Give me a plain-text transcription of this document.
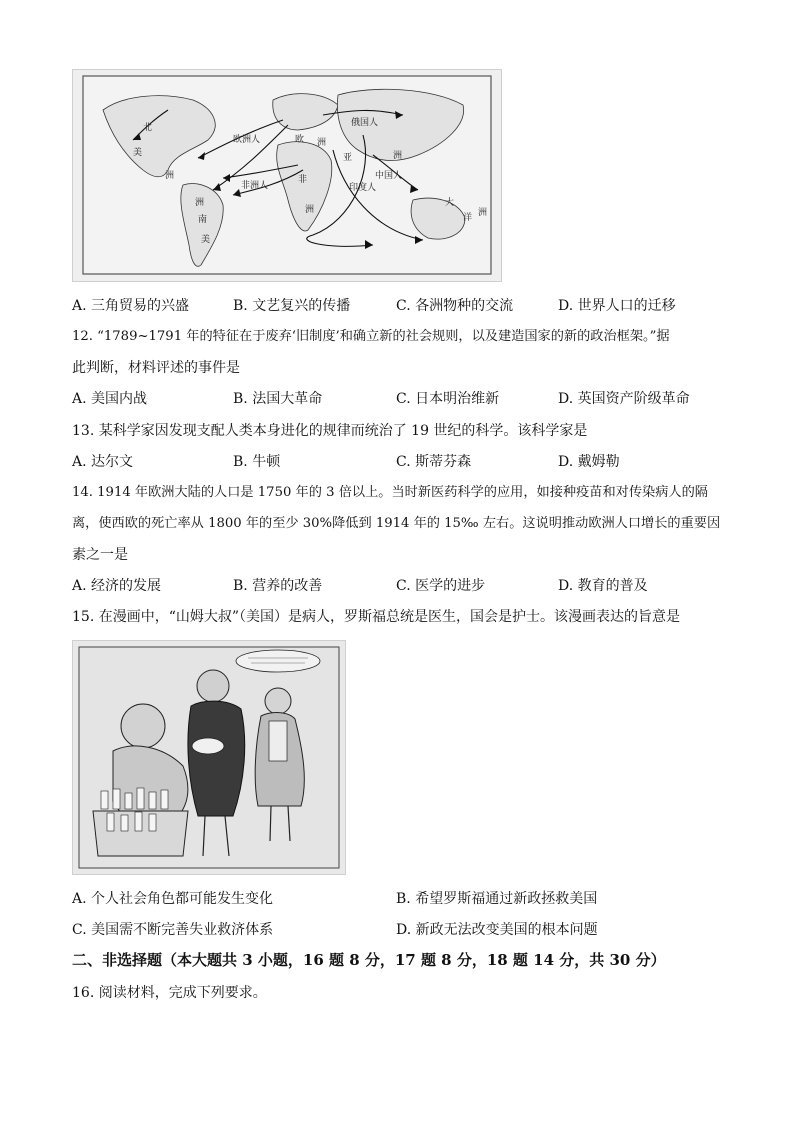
北
美
洲
洲
南
美
欧 洲
亚	洲
非
洲
大
洋 洲
欧洲人
非洲人
俄国人
印度人
中国人
A. 三角贸易的兴盛	B. 文艺复兴的传播	C. 各洲物种的交流	D. 世界人口的迁移
12. “1789~1791 年的特征在于废弃‘旧制度’和确立新的社会规则，以及建造国家的新的政治框架。”据
此判断，材料评述的事件是
A. 美国内战	B. 法国大革命	C. 日本明治维新	D. 英国资产阶级革命
13. 某科学家因发现支配人类本身进化的规律而统治了 19 世纪的科学。该科学家是
A. 达尔文	B. 牛顿	C. 斯蒂芬森	D. 戴姆勒
14. 1914 年欧洲大陆的人口是 1750 年的 3 倍以上。当时新医药科学的应用，如接种疫苗和对传染病人的隔
离，使西欧的死亡率从 1800 年的至少 30%降低到 1914 年的 15‰ 左右。这说明推动欧洲人口增长的重要因
素之一是
A. 经济的发展	B. 营养的改善	C. 医学的进步	D. 教育的普及
15. 在漫画中，“山姆大叔”（美国）是病人，罗斯福总统是医生，国会是护士。该漫画表达的旨意是
A. 个人社会角色都可能发生变化	B. 希望罗斯福通过新政拯救美国
C. 美国需不断完善失业救济体系	D. 新政无法改变美国的根本问题
二、非选择题（本大题共 3 小题，16 题 8 分，17 题 8 分，18 题 14 分，共 30 分）
16. 阅读材料，完成下列要求。
